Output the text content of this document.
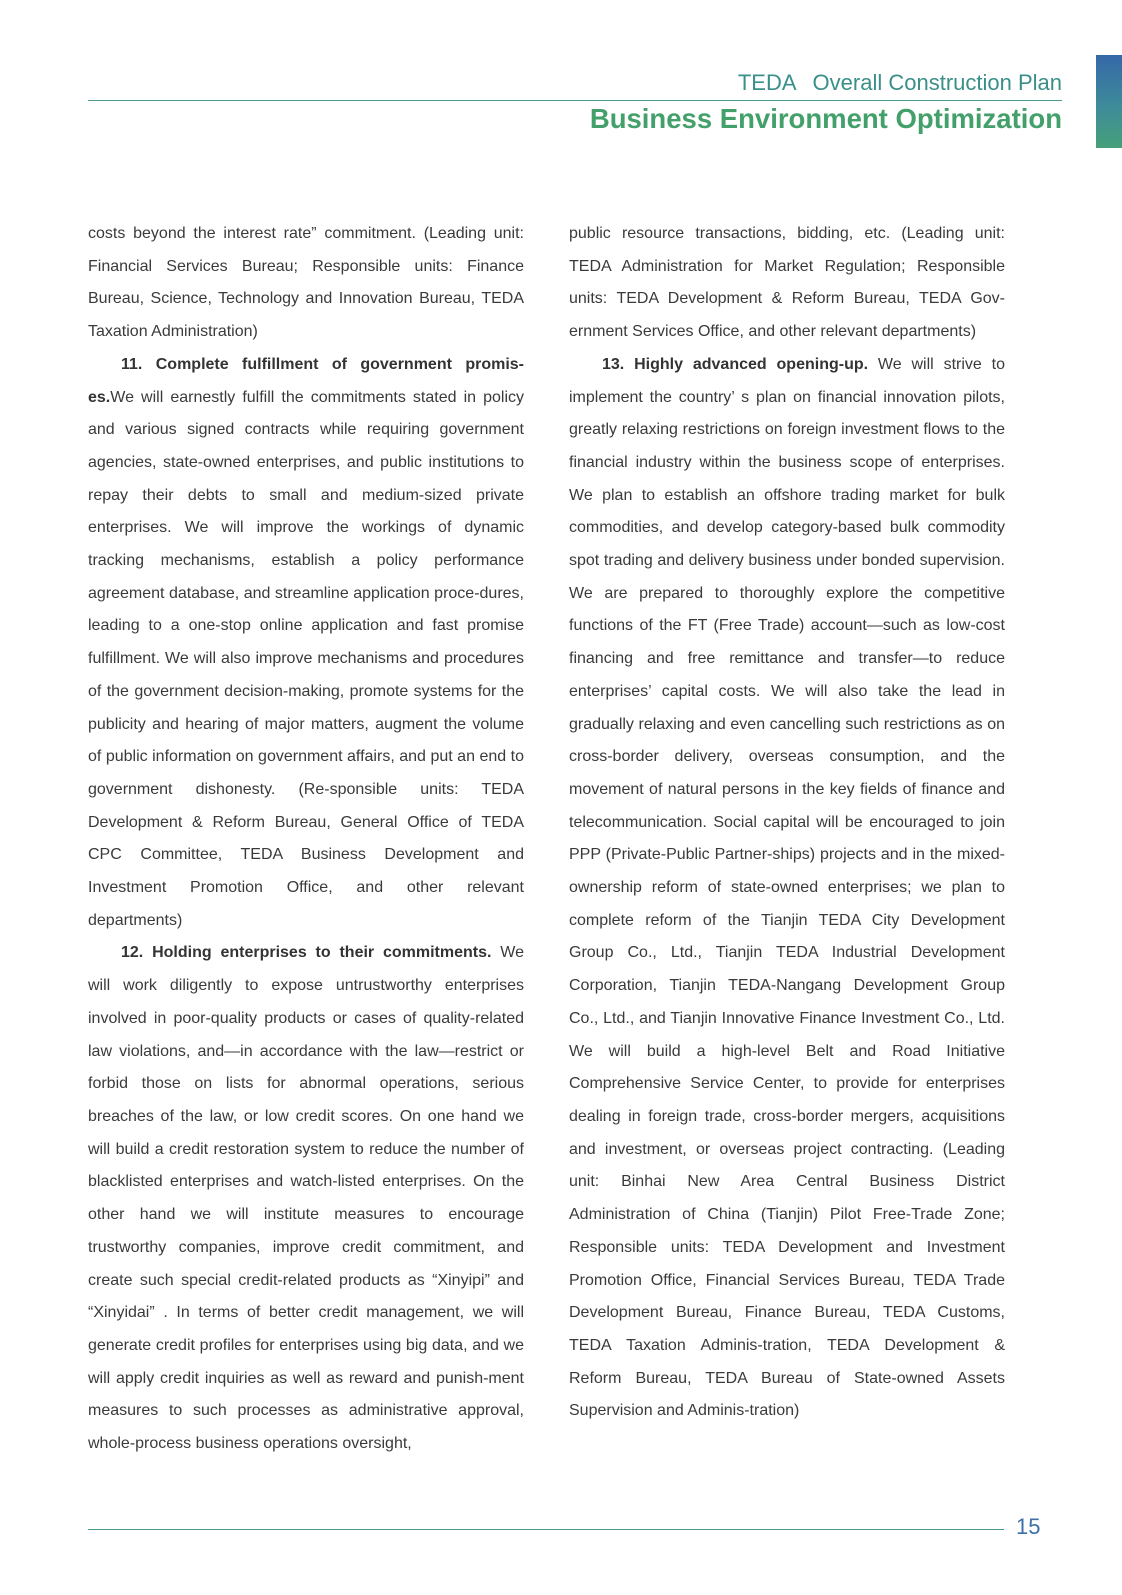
TEDA Overall Construction Plan
Business Environment Optimization

costs beyond the interest rate” commitment. (Leading unit: Financial Services Bureau; Responsible units: Finance Bureau, Science, Technology and Innovation Bureau, TEDA Taxation Administration)

11. Complete fulfillment of government promis-es.We will earnestly fulfill the commitments stated in policy and various signed contracts while requiring government agencies, state-owned enterprises, and public institutions to repay their debts to small and medium-sized private enterprises. We will improve the workings of dynamic tracking mechanisms, establish a policy performance agreement database, and streamline application proce-dures, leading to a one-stop online application and fast promise fulfillment. We will also improve mechanisms and procedures of the government decision-making, promote systems for the publicity and hearing of major matters, augment the volume of public information on government affairs, and put an end to government dishonesty. (Re-sponsible units: TEDA Development & Reform Bureau, General Office of TEDA CPC Committee, TEDA Business Development and Investment Promotion Office, and other relevant departments)

12. Holding enterprises to their commitments. We will work diligently to expose untrustworthy enterprises involved in poor-quality products or cases of quality-related law violations, and—in accordance with the law—restrict or forbid those on lists for abnormal operations, serious breaches of the law, or low credit scores. On one hand we will build a credit restoration system to reduce the number of blacklisted enterprises and watch-listed enterprises. On the other hand we will institute measures to encourage trustworthy companies, improve credit commitment, and create such special credit-related products as “Xinyipi” and “Xinyidai” . In terms of better credit management, we will generate credit profiles for enterprises using big data, and we will apply credit inquiries as well as reward and punish-ment measures to such processes as administrative approval, whole-process business operations oversight,

public resource transactions, bidding, etc. (Leading unit: TEDA Administration for Market Regulation; Responsible units: TEDA Development & Reform Bureau, TEDA Gov-ernment Services Office, and other relevant departments)

13. Highly advanced opening-up. We will strive to implement the country’ s plan on financial innovation pilots, greatly relaxing restrictions on foreign investment flows to the financial industry within the business scope of enterprises. We plan to establish an offshore trading market for bulk commodities, and develop category-based bulk commodity spot trading and delivery business under bonded supervision. We are prepared to thoroughly explore the competitive functions of the FT (Free Trade) account—such as low-cost financing and free remittance and transfer—to reduce enterprises’ capital costs. We will also take the lead in gradually relaxing and even cancelling such restrictions as on cross-border delivery, overseas consumption, and the movement of natural persons in the key fields of finance and telecommunication. Social capital will be encouraged to join PPP (Private-Public Partner-ships) projects and in the mixed-ownership reform of state-owned enterprises; we plan to complete reform of the Tianjin TEDA City Development Group Co., Ltd., Tianjin TEDA Industrial Development Corporation, Tianjin TEDA-Nangang Development Group Co., Ltd., and Tianjin Innovative Finance Investment Co., Ltd. We will build a high-level Belt and Road Initiative Comprehensive Service Center, to provide for enterprises dealing in foreign trade, cross-border mergers, acquisitions and investment, or overseas project contracting. (Leading unit: Binhai New Area Central Business District Administration of China (Tianjin) Pilot Free-Trade Zone; Responsible units: TEDA Development and Investment Promotion Office, Financial Services Bureau, TEDA Trade Development Bureau, Finance Bureau, TEDA Customs, TEDA Taxation Adminis-tration, TEDA Development & Reform Bureau, TEDA Bureau of State-owned Assets Supervision and Adminis-tration)

15
